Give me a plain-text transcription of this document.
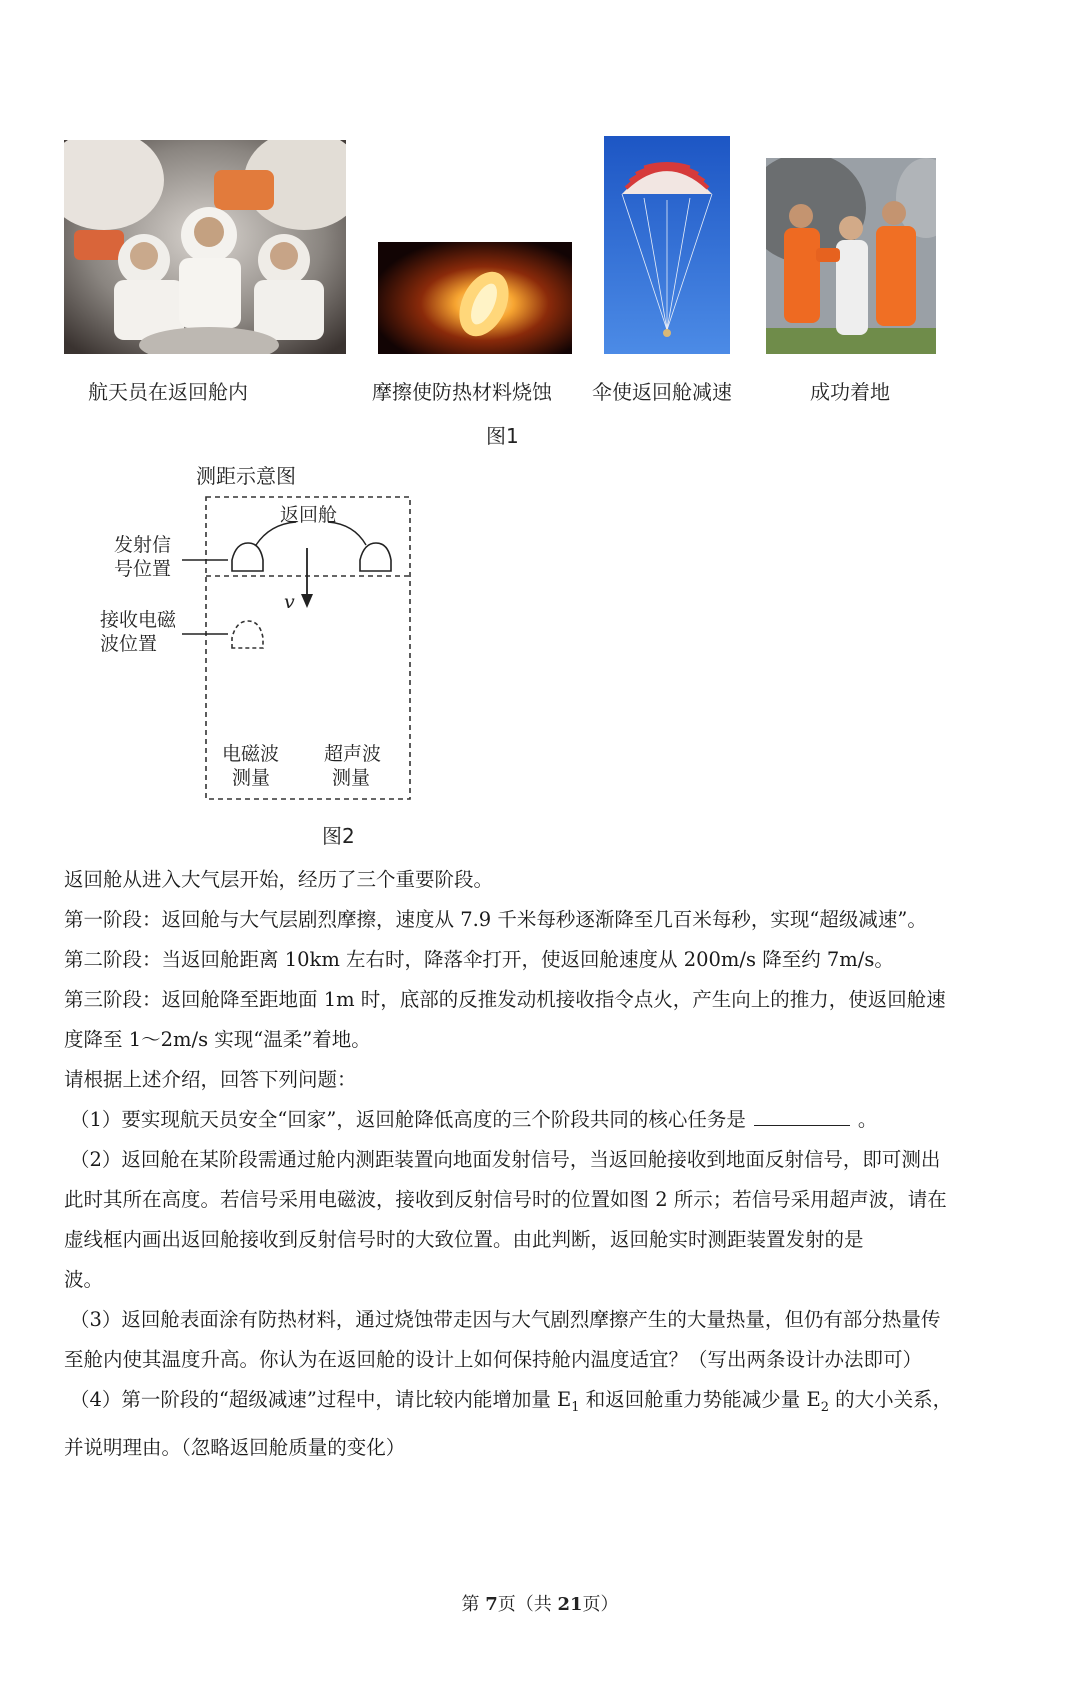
航天员在返回舱内	摩擦使防热材料烧蚀 伞使返回舱减速	成功着地
图1
测距示意图
返回舱
发射信
号位置
接收电磁
波位置
v
电磁波
测量
超声波
测量
图2
返回舱从进入大气层开始，经历了三个重要阶段。
第一阶段：返回舱与大气层剧烈摩擦，速度从 7.9 千米每秒逐渐降至几百米每秒，实现“超级减速”。
第二阶段：当返回舱距离 10km 左右时，降落伞打开，使返回舱速度从 200m/s 降至约 7m/s。
第三阶段：返回舱降至距地面 1m 时，底部的反推发动机接收指令点火，产生向上的推力，使返回舱速
度降至 1～2m/s 实现“温柔”着地。
请根据上述介绍，回答下列问题：
（1）要实现航天员安全“回家”，返回舱降低高度的三个阶段共同的核心任务是	。
（2）返回舱在某阶段需通过舱内测距装置向地面发射信号，当返回舱接收到地面反射信号，即可测出
此时其所在高度。若信号采用电磁波，接收到反射信号时的位置如图 2 所示；若信号采用超声波，请在
虚线框内画出返回舱接收到反射信号时的大致位置。由此判断，返回舱实时测距装置发射的是
波。
（3）返回舱表面涂有防热材料，通过烧蚀带走因与大气剧烈摩擦产生的大量热量，但仍有部分热量传
至舱内使其温度升高。你认为在返回舱的设计上如何保持舱内温度适宜？（写出两条设计办法即可）
（4）第一阶段的“超级减速”过程中，请比较内能增加量 $E_1$ 和返回舱重力势能减少量 $E_2$ 的大小关系，
并说明理由。（忽略返回舱质量的变化）
第 7页（共 21页）
